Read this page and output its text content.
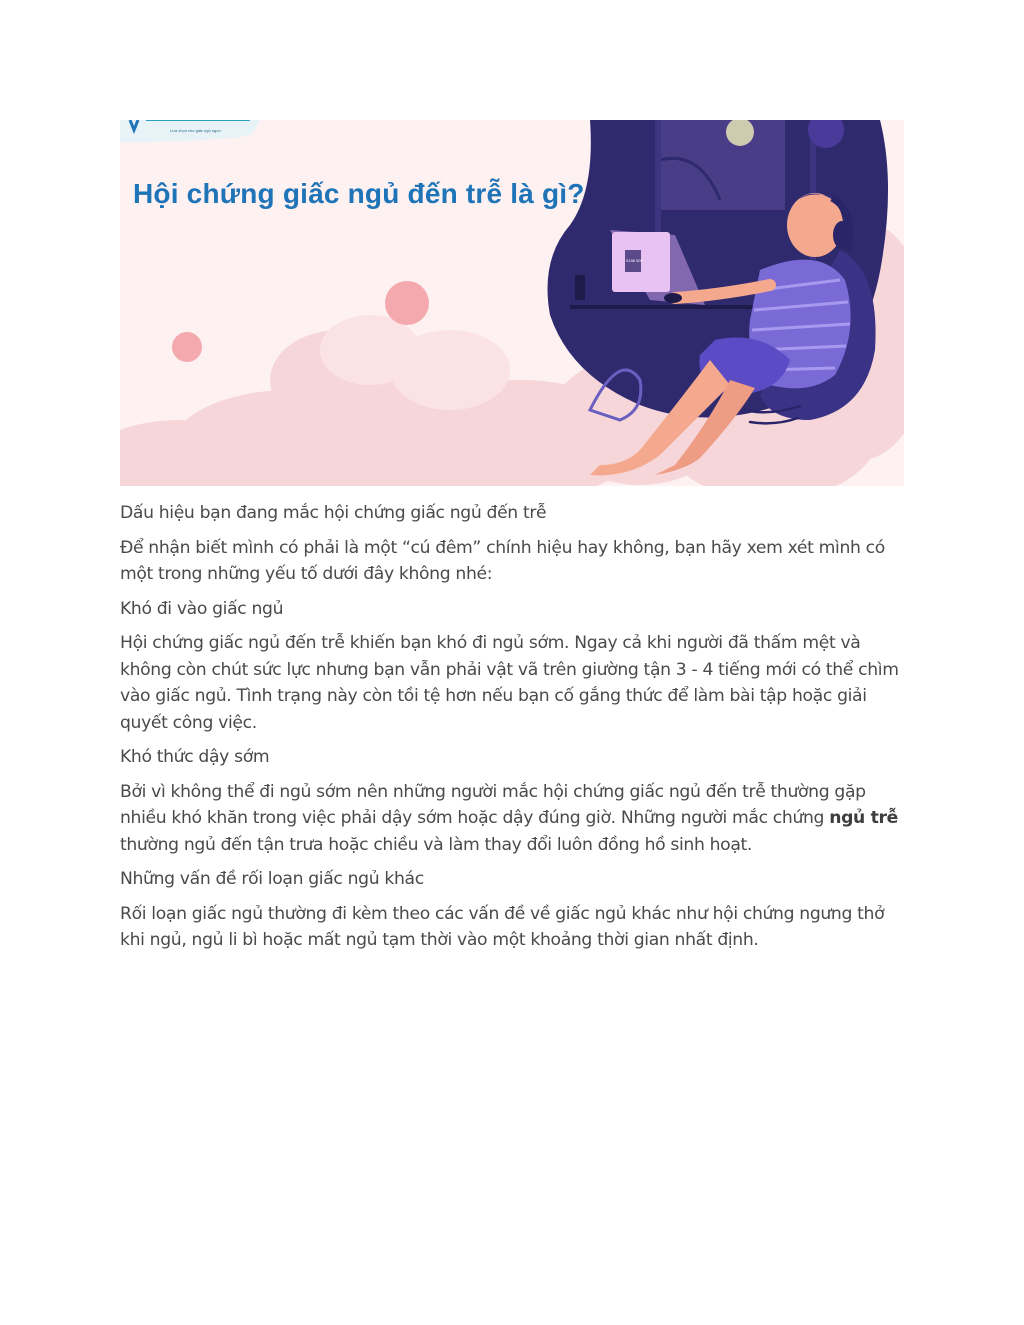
Lựa chọn cho giấc ngủ ngon
0198 000
Hội chứng giấc ngủ đến trễ là gì?
Dấu hiệu bạn đang mắc hội chứng giấc ngủ đến trễ

Để nhận biết mình có phải là một “cú đêm” chính hiệu hay không, bạn hãy xem xét mình có một trong những yếu tố dưới đây không nhé:

Khó đi vào giấc ngủ

Hội chứng giấc ngủ đến trễ khiến bạn khó đi ngủ sớm. Ngay cả khi người đã thấm mệt và không còn chút sức lực nhưng bạn vẫn phải vật vã trên giường tận 3 - 4 tiếng mới có thể chìm vào giấc ngủ. Tình trạng này còn tồi tệ hơn nếu bạn cố gắng thức để làm bài tập hoặc giải quyết công việc.

Khó thức dậy sớm

Bởi vì không thể đi ngủ sớm nên những người mắc hội chứng giấc ngủ đến trễ thường gặp nhiều khó khăn trong việc phải dậy sớm hoặc dậy đúng giờ. Những người mắc chứng ngủ trễ thường ngủ đến tận trưa hoặc chiều và làm thay đổi luôn đồng hồ sinh hoạt.

Những vấn đề rối loạn giấc ngủ khác

Rối loạn giấc ngủ thường đi kèm theo các vấn đề về giấc ngủ khác như hội chứng ngưng thở khi ngủ, ngủ li bì hoặc mất ngủ tạm thời vào một khoảng thời gian nhất định.
